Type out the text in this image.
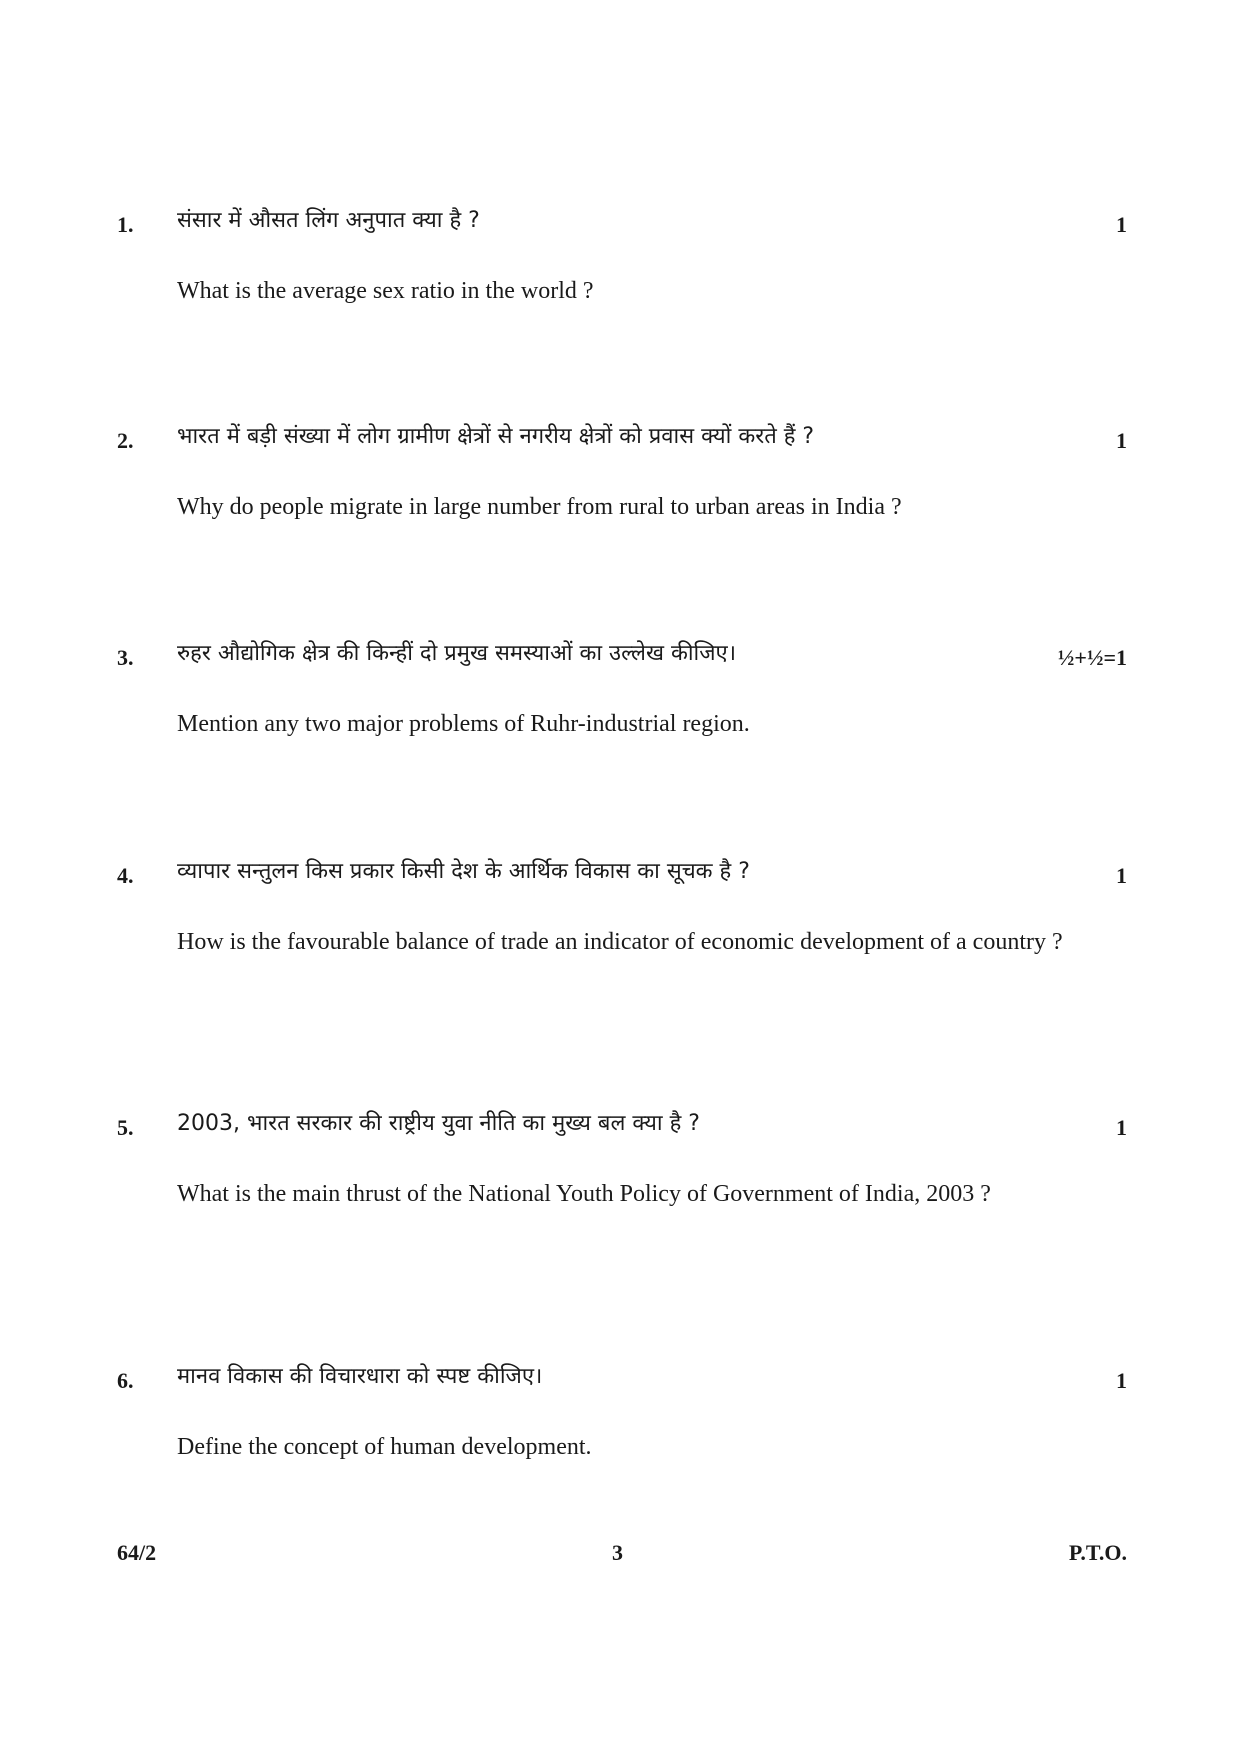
1.	संसार में औसत लिंग अनुपात क्या है ?	1
What is the average sex ratio in the world ?
2.	भारत में बड़ी संख्या में लोग ग्रामीण क्षेत्रों से नगरीय क्षेत्रों को प्रवास क्यों करते हैं ?	1
Why do people migrate in large number from rural to urban areas in India ?
3.	रुहर औद्योगिक क्षेत्र की किन्हीं दो प्रमुख समस्याओं का उल्लेख कीजिए।	½+½=1
Mention any two major problems of Ruhr-industrial region.
4.	व्यापार सन्तुलन किस प्रकार किसी देश के आर्थिक विकास का सूचक है ?	1
How is the favourable balance of trade an indicator of economic development of a country ?
5.	2003, भारत सरकार की राष्ट्रीय युवा नीति का मुख्य बल क्या है ?	1
What is the main thrust of the National Youth Policy of Government of India, 2003 ?
6.	मानव विकास की विचारधारा को स्पष्ट कीजिए।	1
Define the concept of human development.
64/2	3	P.T.O.
